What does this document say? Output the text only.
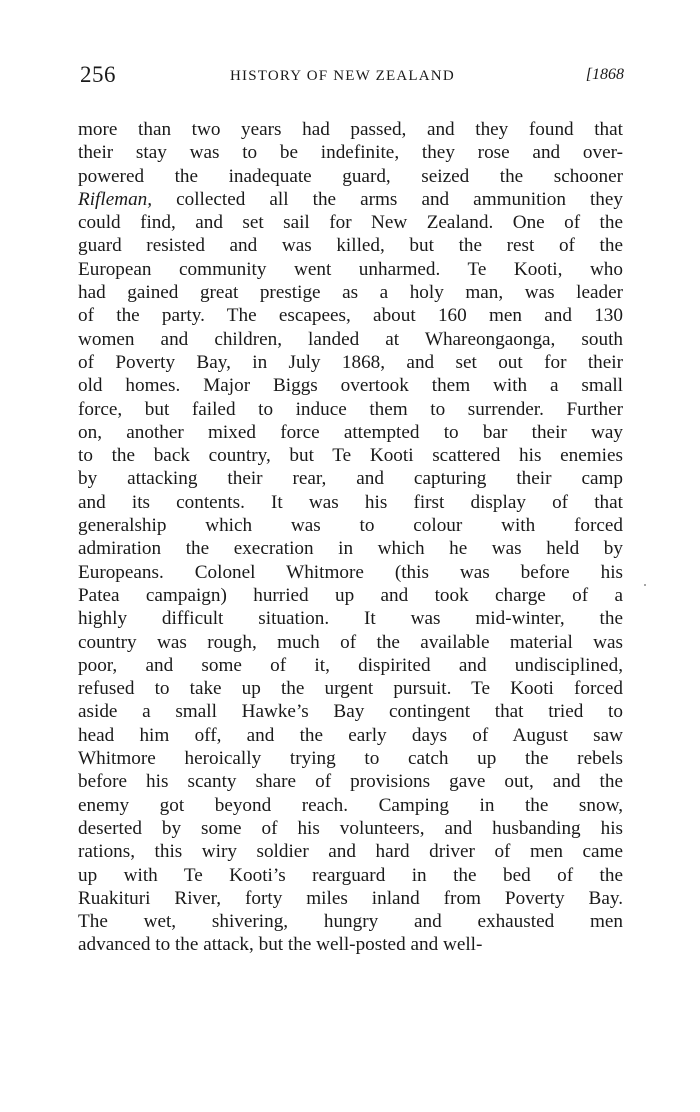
256	HISTORY OF NEW ZEALAND	[1868
more than two years had passed, and they found that
their stay was to be indefinite, they rose and over-
powered the inadequate guard, seized the schooner
Rifleman, collected all the arms and ammunition they
could find, and set sail for New Zealand. One of the
guard resisted and was killed, but the rest of the
European community went unharmed. Te Kooti, who
had gained great prestige as a holy man, was leader
of the party. The escapees, about 160 men and 130
women and children, landed at Whareongaonga, south
of Poverty Bay, in July 1868, and set out for their
old homes. Major Biggs overtook them with a small
force, but failed to induce them to surrender. Further
on, another mixed force attempted to bar their way
to the back country, but Te Kooti scattered his enemies
by attacking their rear, and capturing their camp
and its contents. It was his first display of that
generalship which was to colour with forced
admiration the execration in which he was held by
Europeans. Colonel Whitmore (this was before his
Patea campaign) hurried up and took charge of a
highly difficult situation. It was mid-winter, the
country was rough, much of the available material was
poor, and some of it, dispirited and undisciplined,
refused to take up the urgent pursuit. Te Kooti forced
aside a small Hawke’s Bay contingent that tried to
head him off, and the early days of August saw
Whitmore heroically trying to catch up the rebels
before his scanty share of provisions gave out, and the
enemy got beyond reach. Camping in the snow,
deserted by some of his volunteers, and husbanding his
rations, this wiry soldier and hard driver of men came
up with Te Kooti’s rearguard in the bed of the
Ruakituri River, forty miles inland from Poverty Bay.
The wet, shivering, hungry and exhausted men
advanced to the attack, but the well-posted and well-
